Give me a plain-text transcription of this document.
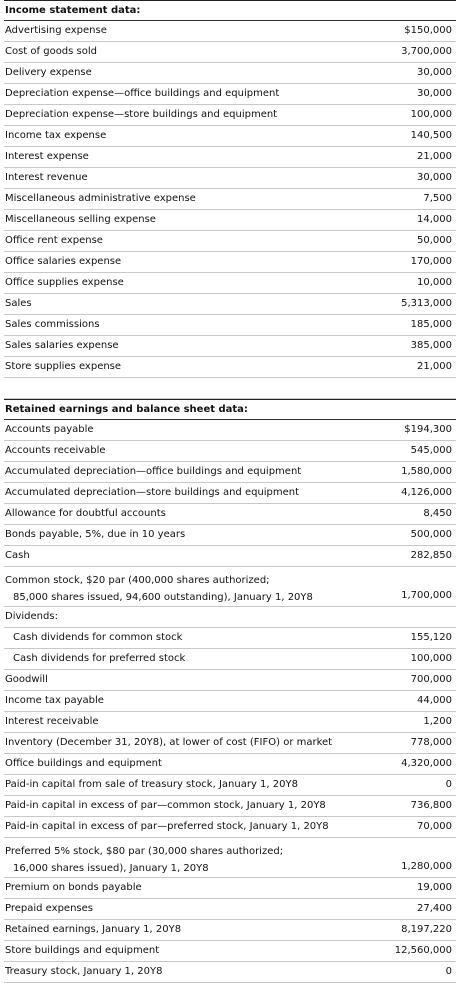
Income statement data:
Advertising expense	$150,000
Cost of goods sold	3,700,000
Delivery expense	30,000
Depreciation expense—office buildings and equipment	30,000
Depreciation expense—store buildings and equipment	100,000
Income tax expense	140,500
Interest expense	21,000
Interest revenue	30,000
Miscellaneous administrative expense	7,500
Miscellaneous selling expense	14,000
Office rent expense	50,000
Office salaries expense	170,000
Office supplies expense	10,000
Sales	5,313,000
Sales commissions	185,000
Sales salaries expense	385,000
Store supplies expense	21,000
Retained earnings and balance sheet data:
Accounts payable	$194,300
Accounts receivable	545,000
Accumulated depreciation—office buildings and equipment	1,580,000
Accumulated depreciation—store buildings and equipment	4,126,000
Allowance for doubtful accounts	8,450
Bonds payable, 5%, due in 10 years	500,000
Cash	282,850
Common stock, $20 par (400,000 shares authorized;
85,000 shares issued, 94,600 outstanding), January 1, 20Y8	1,700,000
Dividends:
Cash dividends for common stock	155,120
Cash dividends for preferred stock	100,000
Goodwill	700,000
Income tax payable	44,000
Interest receivable	1,200
Inventory (December 31, 20Y8), at lower of cost (FIFO) or market	778,000
Office buildings and equipment	4,320,000
Paid-in capital from sale of treasury stock, January 1, 20Y8	0
Paid-in capital in excess of par—common stock, January 1, 20Y8	736,800
Paid-in capital in excess of par—preferred stock, January 1, 20Y8	70,000
Preferred 5% stock, $80 par (30,000 shares authorized;
16,000 shares issued), January 1, 20Y8	1,280,000
Premium on bonds payable	19,000
Prepaid expenses	27,400
Retained earnings, January 1, 20Y8	8,197,220
Store buildings and equipment	12,560,000
Treasury stock, January 1, 20Y8	0
